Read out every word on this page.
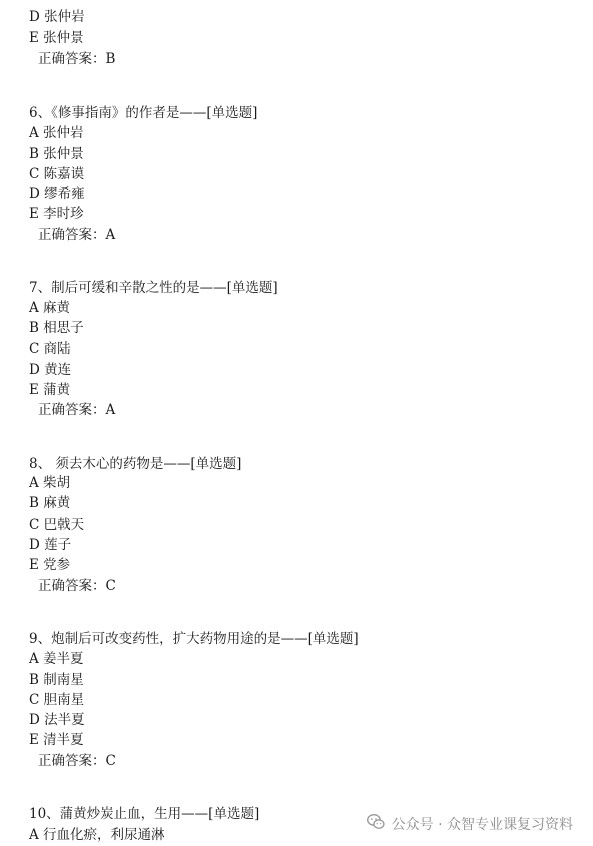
D 张仲岩
E 张仲景
正确答案：B
6、《修事指南》的作者是——[单选题]
A 张仲岩
B 张仲景
C 陈嘉谟
D 缪希雍
E 李时珍
正确答案：A
7、制后可缓和辛散之性的是——[单选题]
A 麻黄
B 相思子
C 商陆
D 黄连
E 蒲黄
正确答案：A
8、 须去木心的药物是——[单选题]
A 柴胡
B 麻黄
C 巴戟天
D 莲子
E 党参
正确答案：C
9、炮制后可改变药性，扩大药物用途的是——[单选题]
A 姜半夏
B 制南星
C 胆南星
D 法半夏
E 清半夏
正确答案：C
10、蒲黄炒炭止血，生用——[单选题]
A 行血化瘀，利尿通淋
公众号 · 众智专业课复习资料
